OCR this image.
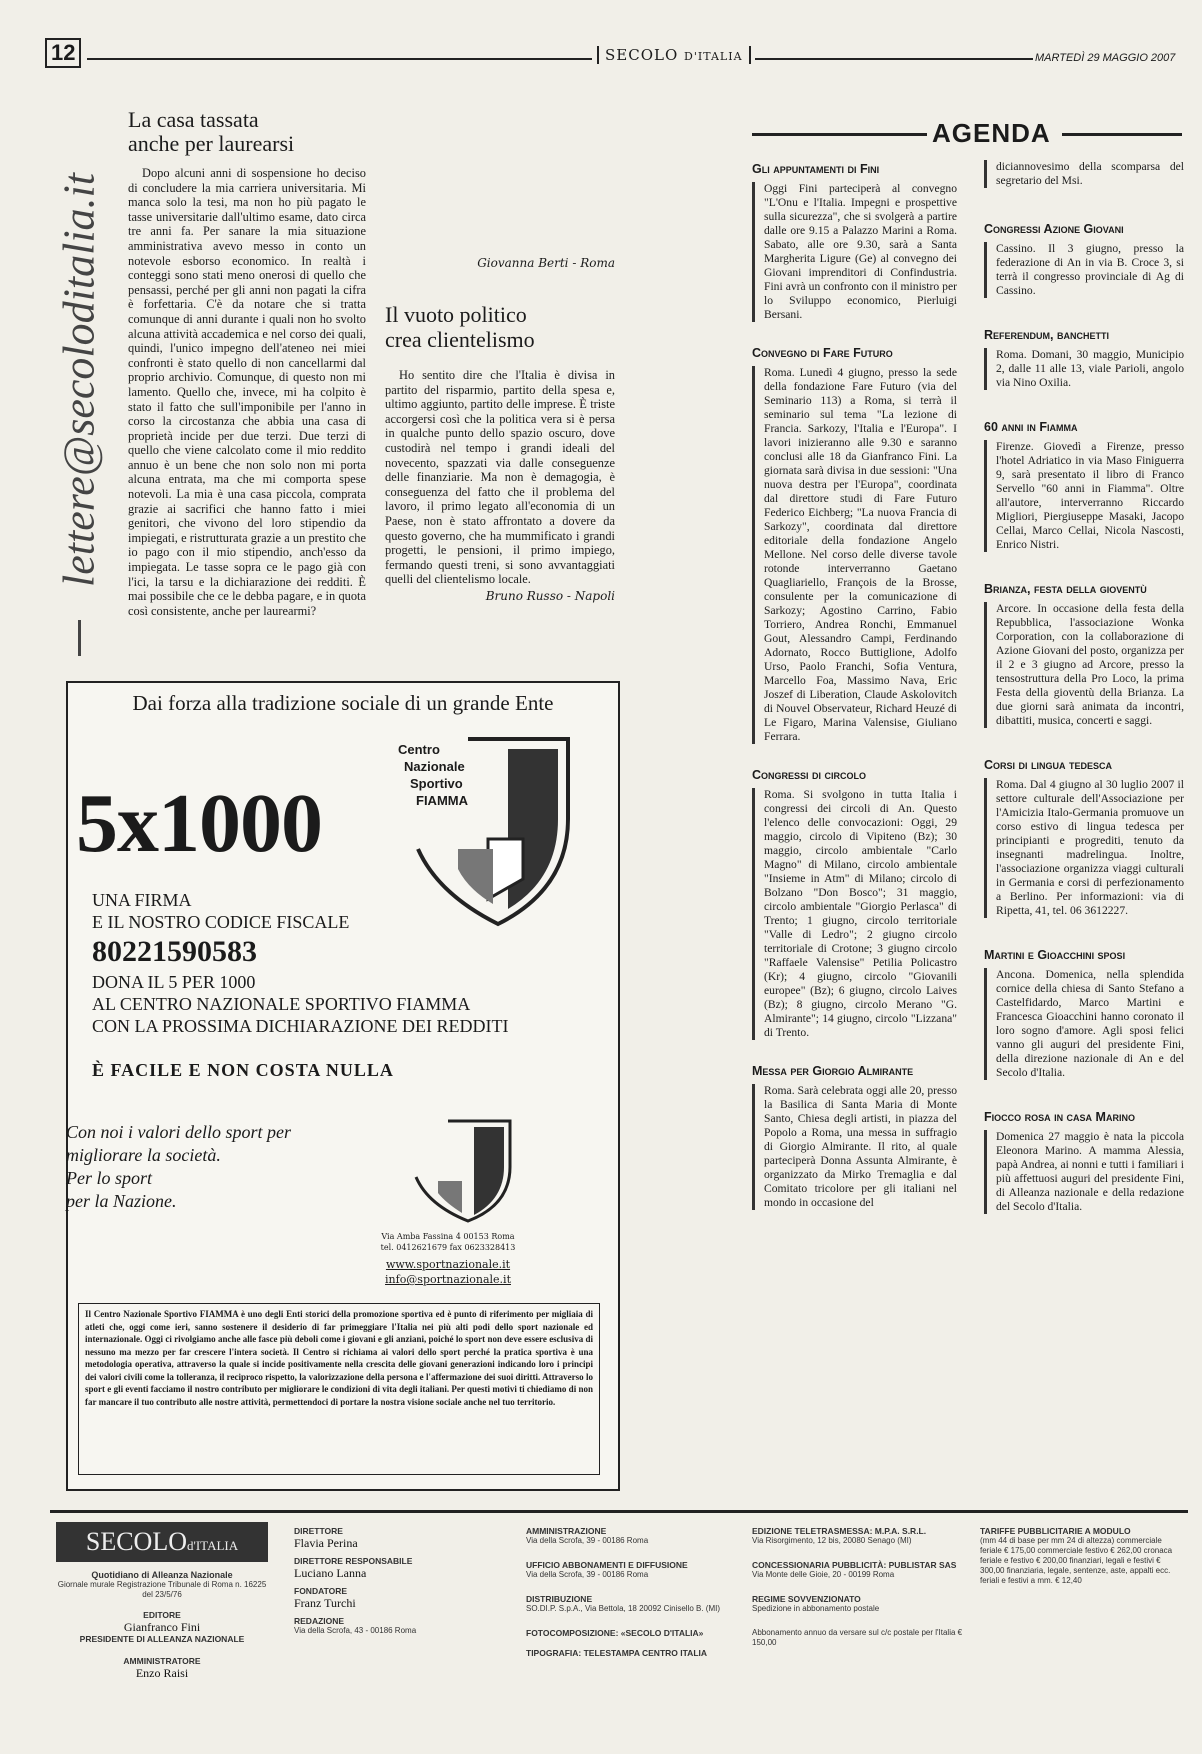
12	SECOLO D'ITALIA	MARTEDÌ 29 MAGGIO 2007
lettere@secoloditalia.it
La casa tassata
anche per laurearsi
Dopo alcuni anni di sospensione ho deciso di concludere la mia carriera universitaria. Mi manca solo la tesi, ma non ho più pagato le tasse universitarie dall'ultimo esame, dato circa tre anni fa. Per sanare la mia situazione amministrativa avevo messo in conto un notevole esborso economico. In realtà i conteggi sono stati meno onerosi di quello che pensassi, perché per gli anni non pagati la cifra è forfettaria. C'è da notare che si tratta comunque di anni durante i quali non ho svolto alcuna attività accademica e nel corso dei quali, quindi, l'unico impegno dell'ateneo nei miei confronti è stato quello di non cancellarmi dal proprio archivio. Comunque, di questo non mi lamento. Quello che, invece, mi ha colpito è stato il fatto che sull'imponibile per l'anno in corso la circostanza che abbia una casa di proprietà incide per due terzi. Due terzi di quello che viene calcolato come il mio reddito annuo è un bene che non solo non mi porta alcuna entrata, ma che mi comporta spese notevoli. La mia è una casa piccola, comprata grazie ai sacrifici che hanno fatto i miei genitori, che vivono del loro stipendio da impiegati, e ristrutturata grazie a un prestito che io pago con il mio stipendio, anch'esso da impiegata. Le tasse sopra ce le pago già con l'ici, la tarsu e la dichiarazione dei redditi. È mai possibile che ce le debba pagare, e in quota così consistente, anche per laurearmi?
Giovanna Berti - Roma
Il vuoto politico
crea clientelismo
Ho sentito dire che l'Italia è divisa in partito del risparmio, partito della spesa e, ultimo aggiunto, partito delle imprese. È triste accorgersi così che la politica vera si è persa in qualche punto dello spazio oscuro, dove custodirà nel tempo i grandi ideali del novecento, spazzati via dalle conseguenze delle finanziarie. Ma non è demagogia, è conseguenza del fatto che il problema del lavoro, il primo legato all'economia di un Paese, non è stato affrontato a dovere da questo governo, che ha mummificato i grandi progetti, le pensioni, il primo impiego, fermando questi treni, si sono avvantaggiati quelli del clientelismo locale.
Bruno Russo - Napoli
Dai forza alla tradizione sociale di un grande Ente
5x1000
Centro
Nazionale
Sportivo
FIAMMA
UNA FIRMA
E IL NOSTRO CODICE FISCALE
80221590583
DONA IL 5 PER 1000
AL CENTRO NAZIONALE SPORTIVO FIAMMA
CON LA PROSSIMA DICHIARAZIONE DEI REDDITI
È FACILE E NON COSTA NULLA
Con noi i valori dello sport per
migliorare la società.
Per lo sport
per la Nazione.
Via Amba Fassina 4 00153 Roma
tel. 0412621679 fax 0623328413
www.sportnazionale.it
info@sportnazionale.it
Il Centro Nazionale Sportivo FIAMMA è uno degli Enti storici della promozione sportiva ed è punto di riferimento per migliaia di atleti che, oggi come ieri, sanno sostenere il desiderio di far primeggiare l'Italia nei più alti podi dello sport nazionale ed internazionale. Oggi ci rivolgiamo anche alle fasce più deboli come i giovani e gli anziani, poiché lo sport non deve essere esclusiva di nessuno ma mezzo per far crescere l'intera società. Il Centro si richiama ai valori dello sport perché la pratica sportiva è una metodologia operativa, attraverso la quale si incide positivamente nella crescita delle giovani generazioni indicando loro i principi dei valori civili come la tolleranza, il reciproco rispetto, la valorizzazione della persona e l'affermazione dei suoi diritti. Attraverso lo sport e gli eventi facciamo il nostro contributo per migliorare le condizioni di vita degli italiani. Per questi motivi ti chiediamo di non far mancare il tuo contributo alle nostre attività, permettendoci di portare la nostra visione sociale anche nel tuo territorio.
AGENDA
Gli appuntamenti di Fini
Oggi Fini parteciperà al convegno "L'Onu e l'Italia. Impegni e prospettive sulla sicurezza", che si svolgerà a partire dalle ore 9.15 a Palazzo Marini a Roma. Sabato, alle ore 9.30, sarà a Santa Margherita Ligure (Ge) al convegno dei Giovani imprenditori di Confindustria. Fini avrà un confronto con il ministro per lo Sviluppo economico, Pierluigi Bersani.
Convegno di Fare Futuro
Roma. Lunedì 4 giugno, presso la sede della fondazione Fare Futuro (via del Seminario 113) a Roma, si terrà il seminario sul tema "La lezione di Francia. Sarkozy, l'Italia e l'Europa". I lavori inizieranno alle 9.30 e saranno conclusi alle 18 da Gianfranco Fini. La giornata sarà divisa in due sessioni: "Una nuova destra per l'Europa", coordinata dal direttore studi di Fare Futuro Federico Eichberg; "La nuova Francia di Sarkozy", coordinata dal direttore editoriale della fondazione Angelo Mellone. Nel corso delle diverse tavole rotonde interverranno Gaetano Quagliariello, François de la Brosse, consulente per la comunicazione di Sarkozy; Agostino Carrino, Fabio Torriero, Andrea Ronchi, Emmanuel Gout, Alessandro Campi, Ferdinando Adornato, Rocco Buttiglione, Adolfo Urso, Paolo Franchi, Sofia Ventura, Marcello Foa, Massimo Nava, Eric Joszef di Liberation, Claude Askolovitch di Nouvel Observateur, Richard Heuzé di Le Figaro, Marina Valensise, Giuliano Ferrara.
Congressi di circolo
Roma. Si svolgono in tutta Italia i congressi dei circoli di An. Questo l'elenco delle convocazioni: Oggi, 29 maggio, circolo di Vipiteno (Bz); 30 maggio, circolo ambientale "Carlo Magno" di Milano, circolo ambientale "Insieme in Atm" di Milano; circolo di Bolzano "Don Bosco"; 31 maggio, circolo ambientale "Giorgio Perlasca" di Trento; 1 giugno, circolo territoriale "Valle di Ledro"; 2 giugno circolo territoriale di Crotone; 3 giugno circolo "Raffaele Valensise" Petilia Policastro (Kr); 4 giugno, circolo "Giovanili europee" (Bz); 6 giugno, circolo Laives (Bz); 8 giugno, circolo Merano "G. Almirante"; 14 giugno, circolo "Lizzana" di Trento.
Messa per Giorgio Almirante
Roma. Sarà celebrata oggi alle 20, presso la Basilica di Santa Maria di Monte Santo, Chiesa degli artisti, in piazza del Popolo a Roma, una messa in suffragio di Giorgio Almirante. Il rito, al quale parteciperà Donna Assunta Almirante, è organizzato da Mirko Tremaglia e dal Comitato tricolore per gli italiani nel mondo in occasione del
diciannovesimo della scomparsa del segretario del Msi.
Congressi Azione Giovani
Cassino. Il 3 giugno, presso la federazione di An in via B. Croce 3, si terrà il congresso provinciale di Ag di Cassino.
Referendum, banchetti
Roma. Domani, 30 maggio, Municipio 2, dalle 11 alle 13, viale Parioli, angolo via Nino Oxilia.
60 anni in Fiamma
Firenze. Giovedì a Firenze, presso l'hotel Adriatico in via Maso Finiguerra 9, sarà presentato il libro di Franco Servello "60 anni in Fiamma". Oltre all'autore, interverranno Riccardo Migliori, Piergiuseppe Masaki, Jacopo Cellai, Marco Cellai, Nicola Nascosti, Enrico Nistri.
Brianza, festa della gioventù
Arcore. In occasione della festa della Repubblica, l'associazione Wonka Corporation, con la collaborazione di Azione Giovani del posto, organizza per il 2 e 3 giugno ad Arcore, presso la tensostruttura della Pro Loco, la prima Festa della gioventù della Brianza. La due giorni sarà animata da incontri, dibattiti, musica, concerti e saggi.
Corsi di lingua tedesca
Roma. Dal 4 giugno al 30 luglio 2007 il settore culturale dell'Associazione per l'Amicizia Italo-Germania promuove un corso estivo di lingua tedesca per principianti e progrediti, tenuto da insegnanti madrelingua. Inoltre, l'associazione organizza viaggi culturali in Germania e corsi di perfezionamento a Berlino. Per informazioni: via di Ripetta, 41, tel. 06 3612227.
Martini e Gioacchini sposi
Ancona. Domenica, nella splendida cornice della chiesa di Santo Stefano a Castelfidardo, Marco Martini e Francesca Gioacchini hanno coronato il loro sogno d'amore. Agli sposi felici vanno gli auguri del presidente Fini, della direzione nazionale di An e del Secolo d'Italia.
Fiocco rosa in casa Marino
Domenica 27 maggio è nata la piccola Eleonora Marino. A mamma Alessia, papà Andrea, ai nonni e tutti i familiari i più affettuosi auguri del presidente Fini, di Alleanza nazionale e della redazione del Secolo d'Italia.
SECOLOd'ITALIA
Quotidiano di Alleanza Nazionale
Giornale murale Registrazione Tribunale di Roma n. 16225 del 23/5/76
EDITORE
Gianfranco Fini
PRESIDENTE DI ALLEANZA NAZIONALE
AMMINISTRATORE
Enzo Raisi
DIRETTORE
Flavia Perina
DIRETTORE RESPONSABILE
Luciano Lanna
FONDATORE
Franz Turchi
REDAZIONE
Via della Scrofa, 43 - 00186 Roma
AMMINISTRAZIONE
Via della Scrofa, 39 - 00186 Roma
UFFICIO ABBONAMENTI E DIFFUSIONE
Via della Scrofa, 39 - 00186 Roma
DISTRIBUZIONE
SO.DI.P. S.p.A., Via Bettola, 18 20092 Cinisello B. (MI)
FOTOCOMPOSIZIONE: «SECOLO D'ITALIA»
TIPOGRAFIA: TELESTAMPA CENTRO ITALIA
EDIZIONE TELETRASMESSA: M.P.A. S.R.L.
Via Risorgimento, 12 bis, 20080 Senago (MI)
CONCESSIONARIA PUBBLICITÀ: PUBLISTAR SAS
Via Monte delle Gioie, 20 - 00199 Roma
REGIME SOVVENZIONATO
Spedizione in abbonamento postale
Abbonamento annuo da versare sul c/c postale per l'Italia € 150,00
TARIFFE PUBBLICITARIE A MODULO
(mm 44 di base per mm 24 di altezza) commerciale feriale € 175,00 commerciale festivo € 262,00 cronaca feriale e festivo € 200,00 finanziari, legali e festivi € 300,00 finanziaria, legale, sentenze, aste, appalti ecc. feriali e festivi a mm. € 12,40
